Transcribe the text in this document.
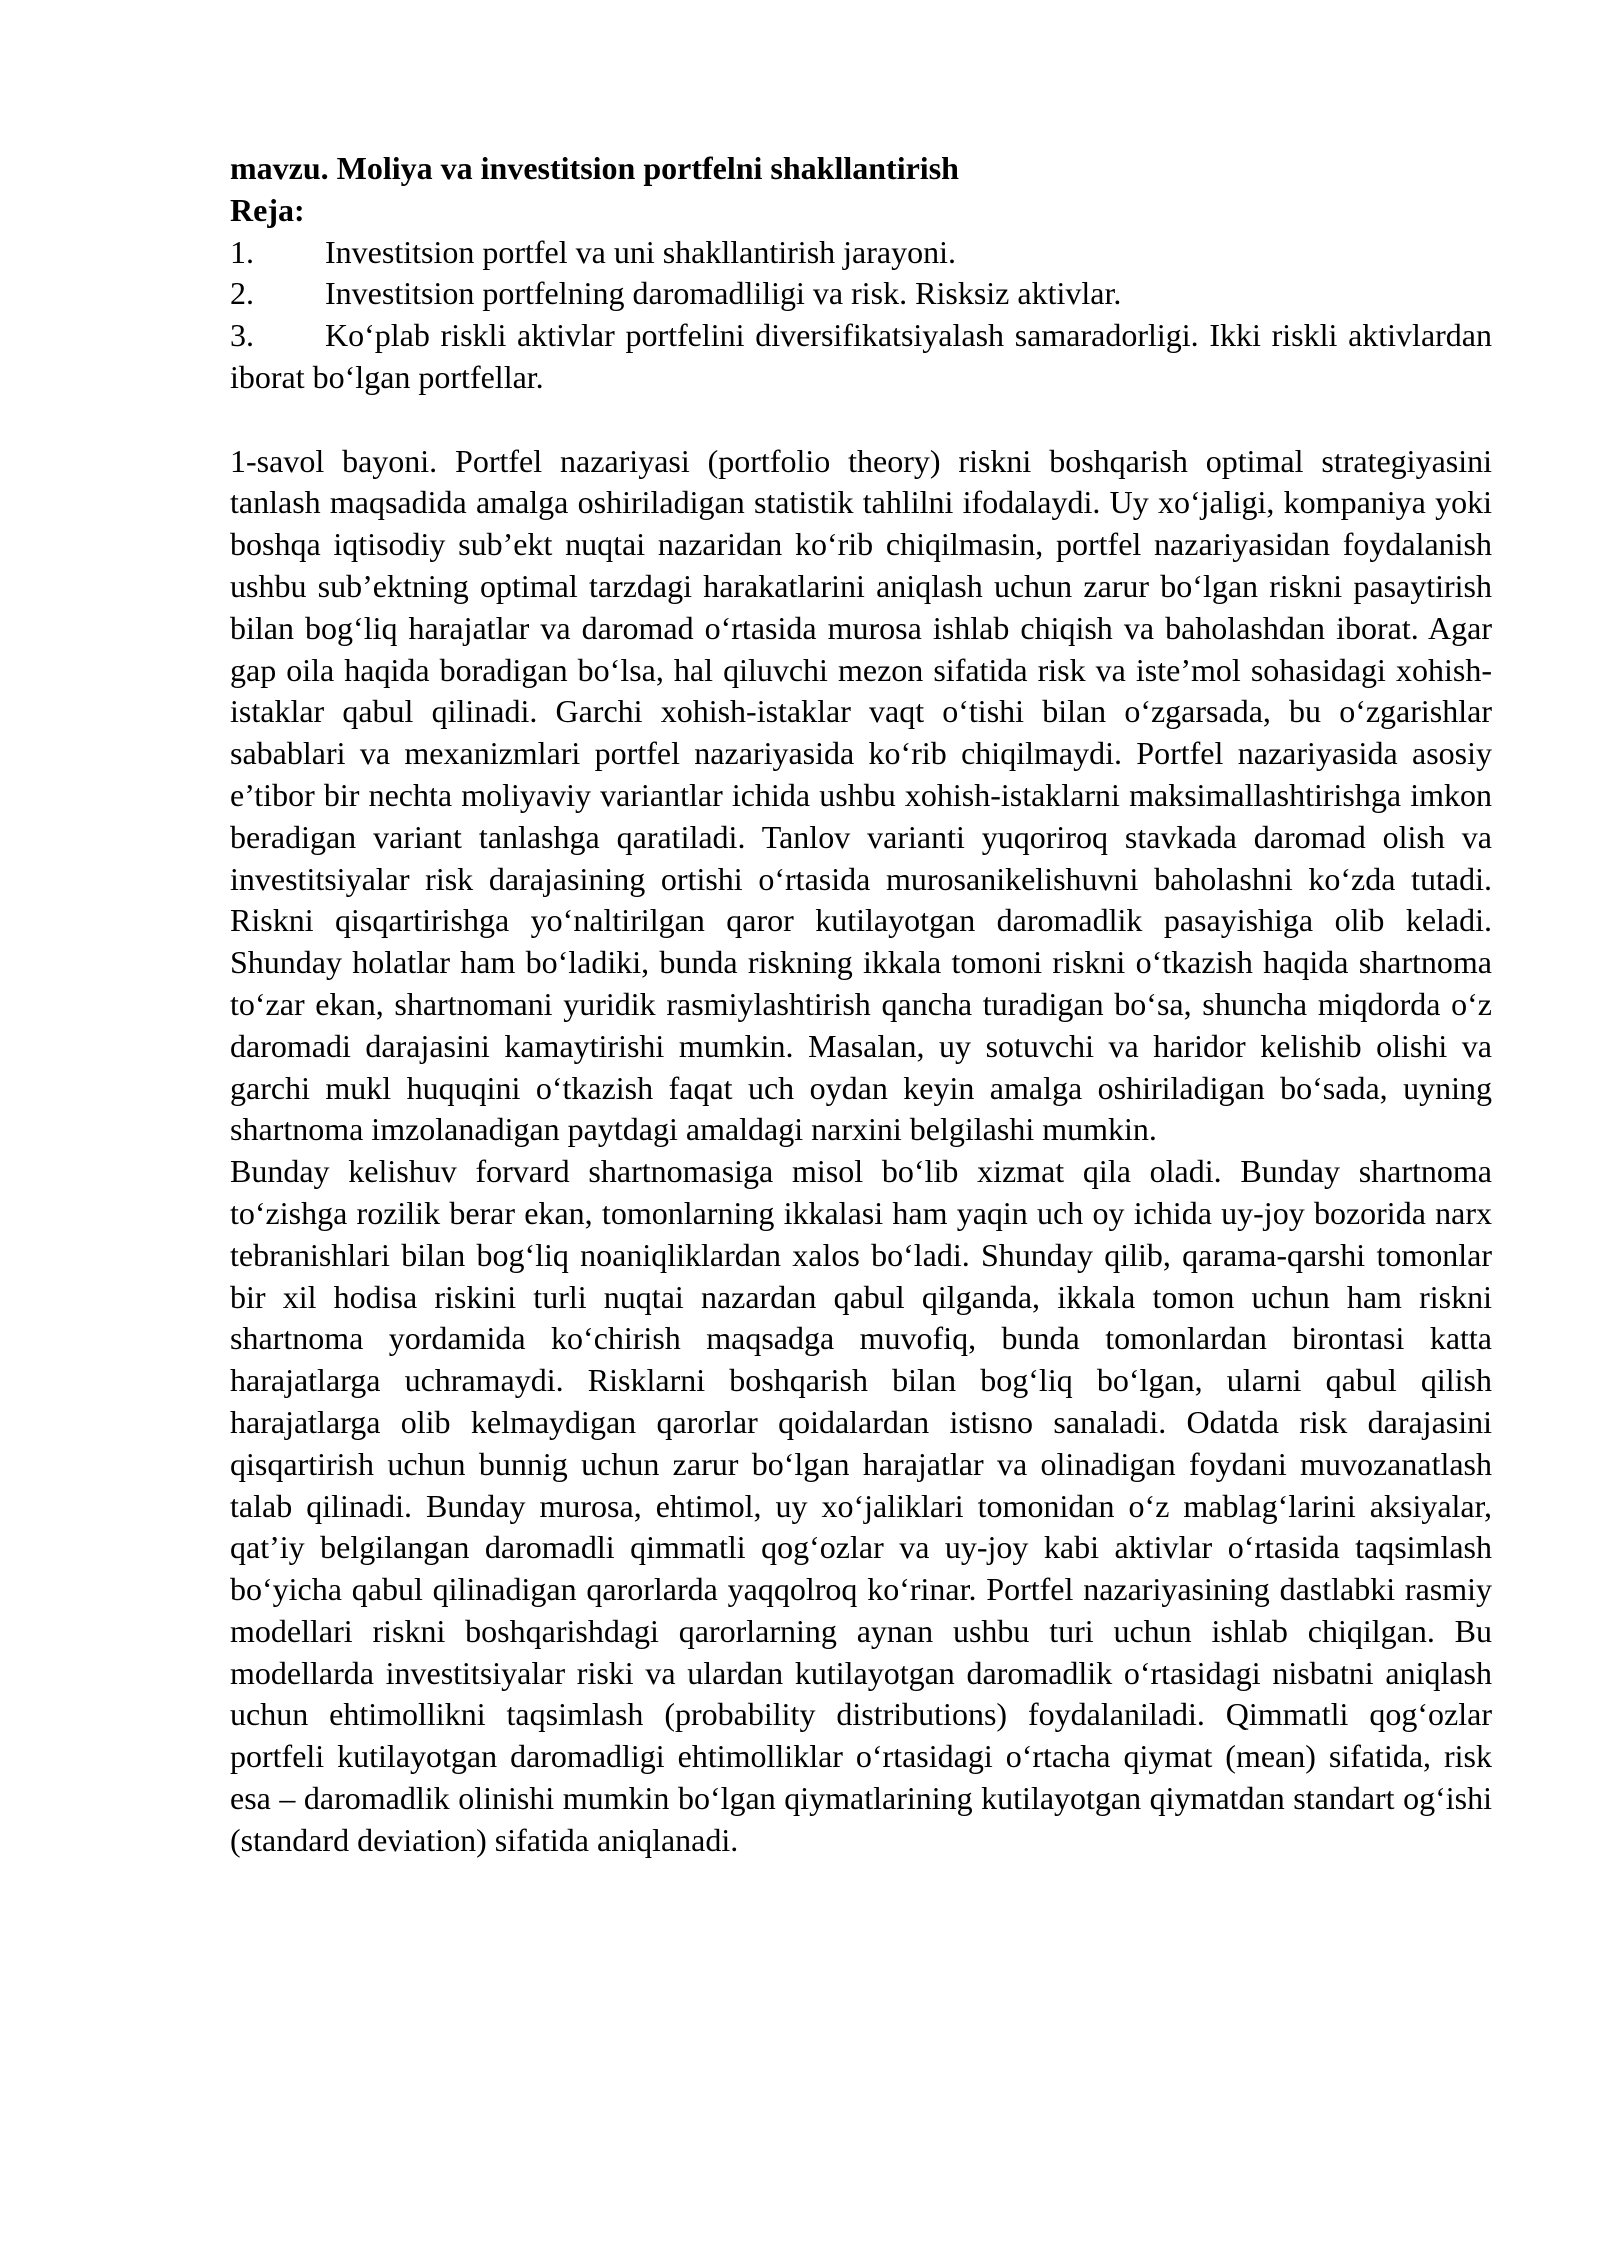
mavzu. Moliya va investitsion portfelni shakllantirish

Reja:

1. Investitsion portfel va uni shakllantirish jarayoni.
2. Investitsion portfelning daromadliligi va risk. Risksiz aktivlar.
3. Ko‘plab riskli aktivlar portfelini diversifikatsiyalash samaradorligi. Ikki riskli aktivlardan iborat bo‘lgan portfellar.

1-savol bayoni. Portfel nazariyasi (portfolio theory) riskni boshqarish optimal strategiyasini tanlash maqsadida amalga oshiriladigan statistik tahlilni ifodalaydi. Uy xo‘jaligi, kompaniya yoki boshqa iqtisodiy sub’ekt nuqtai nazaridan ko‘rib chiqilmasin, portfel nazariyasidan foydalanish ushbu sub’ektning optimal tarzdagi harakatlarini aniqlash uchun zarur bo‘lgan riskni pasaytirish bilan bog‘liq harajatlar va daromad o‘rtasida murosa ishlab chiqish va baholashdan iborat. Agar gap oila haqida boradigan bo‘lsa, hal qiluvchi mezon sifatida risk va iste’mol sohasidagi xohish-istaklar qabul qilinadi. Garchi xohish-istaklar vaqt o‘tishi bilan o‘zgarsada, bu o‘zgarishlar sabablari va mexanizmlari portfel nazariyasida ko‘rib chiqilmaydi. Portfel nazariyasida asosiy e’tibor bir nechta moliyaviy variantlar ichida ushbu xohish-istaklarni maksimallashtirishga imkon beradigan variant tanlashga qaratiladi. Tanlov varianti yuqoriroq stavkada daromad olish va investitsiyalar risk darajasining ortishi o‘rtasida murosanikelishuvni baholashni ko‘zda tutadi. Riskni qisqartirishga yo‘naltirilgan qaror kutilayotgan daromadlik pasayishiga olib keladi. Shunday holatlar ham bo‘ladiki, bunda riskning ikkala tomoni riskni o‘tkazish haqida shartnoma to‘zar ekan, shartnomani yuridik rasmiylashtirish qancha turadigan bo‘sa, shuncha miqdorda o‘z daromadi darajasini kamaytirishi mumkin. Masalan, uy sotuvchi va haridor kelishib olishi va garchi mukl huquqini o‘tkazish faqat uch oydan keyin amalga oshiriladigan bo‘sada, uyning shartnoma imzolanadigan paytdagi amaldagi narxini belgilashi mumkin.

Bunday kelishuv forvard shartnomasiga misol bo‘lib xizmat qila oladi. Bunday shartnoma to‘zishga rozilik berar ekan, tomonlarning ikkalasi ham yaqin uch oy ichida uy-joy bozorida narx tebranishlari bilan bog‘liq noaniqliklardan xalos bo‘ladi. Shunday qilib, qarama-qarshi tomonlar bir xil hodisa riskini turli nuqtai nazardan qabul qilganda, ikkala tomon uchun ham riskni shartnoma yordamida ko‘chirish maqsadga muvofiq, bunda tomonlardan birontasi katta harajatlarga uchramaydi. Risklarni boshqarish bilan bog‘liq bo‘lgan, ularni qabul qilish harajatlarga olib kelmaydigan qarorlar qoidalardan istisno sanaladi. Odatda risk darajasini qisqartirish uchun bunnig uchun zarur bo‘lgan harajatlar va olinadigan foydani muvozanatlash talab qilinadi. Bunday murosa, ehtimol, uy xo‘jaliklari tomonidan o‘z mablag‘larini aksiyalar, qat’iy belgilangan daromadli qimmatli qog‘ozlar va uy-joy kabi aktivlar o‘rtasida taqsimlash bo‘yicha qabul qilinadigan qarorlarda yaqqolroq ko‘rinar. Portfel nazariyasining dastlabki rasmiy modellari riskni boshqarishdagi qarorlarning aynan ushbu turi uchun ishlab chiqilgan. Bu modellarda investitsiyalar riski va ulardan kutilayotgan daromadlik o‘rtasidagi nisbatni aniqlash uchun ehtimollikni taqsimlash (probability distributions) foydalaniladi. Qimmatli qog‘ozlar portfeli kutilayotgan daromadligi ehtimolliklar o‘rtasidagi o‘rtacha qiymat (mean) sifatida, risk esa – daromadlik olinishi mumkin bo‘lgan qiymatlarining kutilayotgan qiymatdan standart og‘ishi (standard deviation) sifatida aniqlanadi.
